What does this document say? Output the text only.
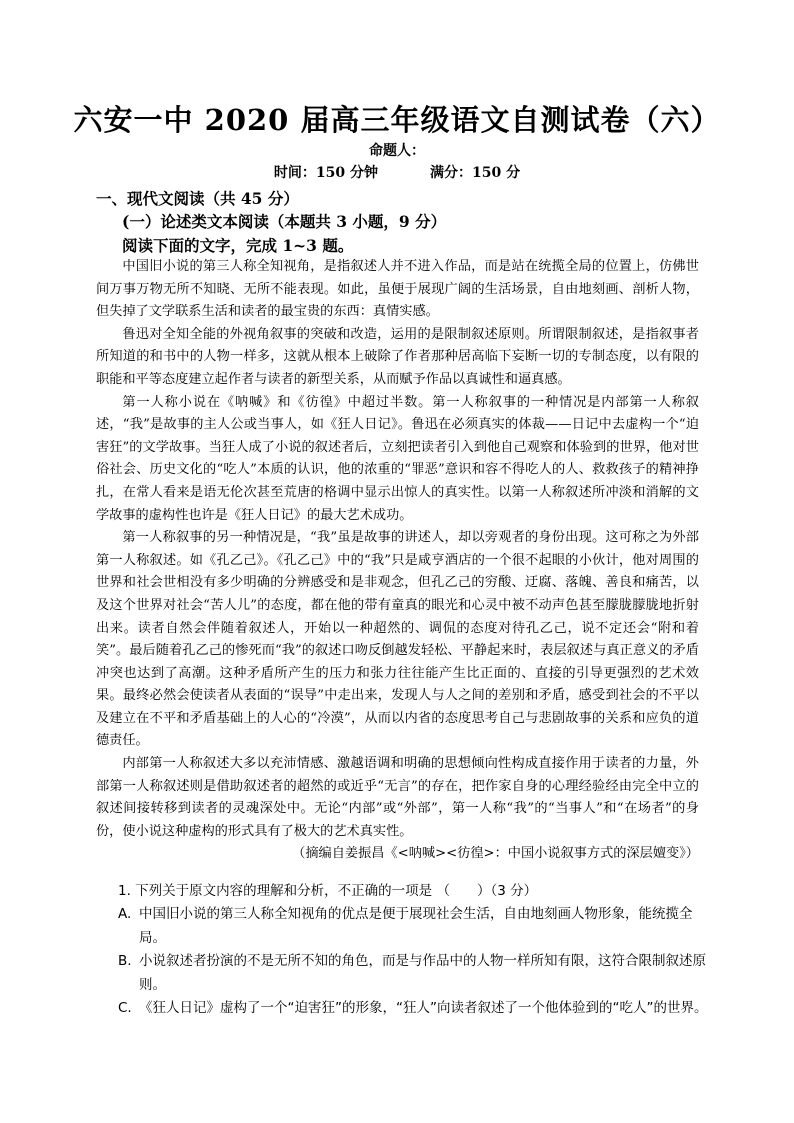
六安一中 2020 届高三年级语文自测试卷（六）
命题人：
时间：150 分钟	满分：150 分
一、现代文阅读（共 45 分）
(一）论述类文本阅读（本题共 3 小题，9 分）
阅读下面的文字，完成 1~3 题。

中国旧小说的第三人称全知视角，是指叙述人并不进入作品，而是站在统揽全局的位置上，仿佛世间万事万物无所不知晓、无所不能表现。如此，虽便于展现广阔的生活场景，自由地刻画、剖析人物，但失掉了文学联系生活和读者的最宝贵的东西：真情实感。

鲁迅对全知全能的外视角叙事的突破和改造，运用的是限制叙述原则。所谓限制叙述，是指叙事者所知道的和书中的人物一样多，这就从根本上破除了作者那种居高临下妄断一切的专制态度，以有限的职能和平等态度建立起作者与读者的新型关系，从而赋予作品以真诚性和逼真感。

第一人称小说在《呐喊》和《彷徨》中超过半数。第一人称叙事的一种情况是内部第一人称叙述，“我”是故事的主人公或当事人，如《狂人日记》。鲁迅在必须真实的体裁——日记中去虚构一个“迫害狂”的文学故事。当狂人成了小说的叙述者后，立刻把读者引入到他自己观察和体验到的世界，他对世俗社会、历史文化的“吃人”本质的认识，他的浓重的“罪恶”意识和容不得吃人的人、救救孩子的精神挣扎，在常人看来是语无伦次甚至荒唐的格调中显示出惊人的真实性。以第一人称叙述所冲淡和消解的文学故事的虚构性也许是《狂人日记》的最大艺术成功。

第一人称叙事的另一种情况是，“我”虽是故事的讲述人，却以旁观者的身份出现。这可称之为外部第一人称叙述。如《孔乙己》。《孔乙己》中的“我”只是咸亨酒店的一个很不起眼的小伙计，他对周围的世界和社会世相没有多少明确的分辨感受和是非观念，但孔乙己的穷酸、迂腐、落魄、善良和痛苦，以及这个世界对社会“苦人儿”的态度，都在他的带有童真的眼光和心灵中被不动声色甚至朦胧朦胧地折射出来。读者自然会伴随着叙述人，开始以一种超然的、调侃的态度对待孔乙己，说不定还会“附和着笑”。最后随着孔乙己的惨死而“我”的叙述口吻反倒越发轻松、平静起来时，表层叙述与真正意义的矛盾冲突也达到了高潮。这种矛盾所产生的压力和张力往往能产生比正面的、直接的引导更强烈的艺术效果。最终必然会使读者从表面的“误导”中走出来，发现人与人之间的差别和矛盾，感受到社会的不平以及建立在不平和矛盾基础上的人心的“冷漠”，从而以内省的态度思考自己与悲剧故事的关系和应负的道德责任。

内部第一人称叙述大多以充沛情感、激越语调和明确的思想倾向性构成直接作用于读者的力量，外部第一人称叙述则是借助叙述者的超然的或近乎“无言”的存在，把作家自身的心理经验经由完全中立的叙述间接转移到读者的灵魂深处中。无论“内部”或“外部”，第一人称“我”的“当事人”和“在场者”的身份，使小说这种虚构的形式具有了极大的艺术真实性。

（摘编自姜振昌《<呐喊><彷徨>：中国小说叙事方式的深层嬗变》）

1. 下列关于原文内容的理解和分析，不正确的一项是 （　　）（3 分）

A. 中国旧小说的第三人称全知视角的优点是便于展现社会生活，自由地刻画人物形象，能统揽全局。
B. 小说叙述者扮演的不是无所不知的角色，而是与作品中的人物一样所知有限，这符合限制叙述原则。
C. 《狂人日记》虚构了一个“迫害狂”的形象，“狂人”向读者叙述了一个他体验到的“吃人”的世界。
